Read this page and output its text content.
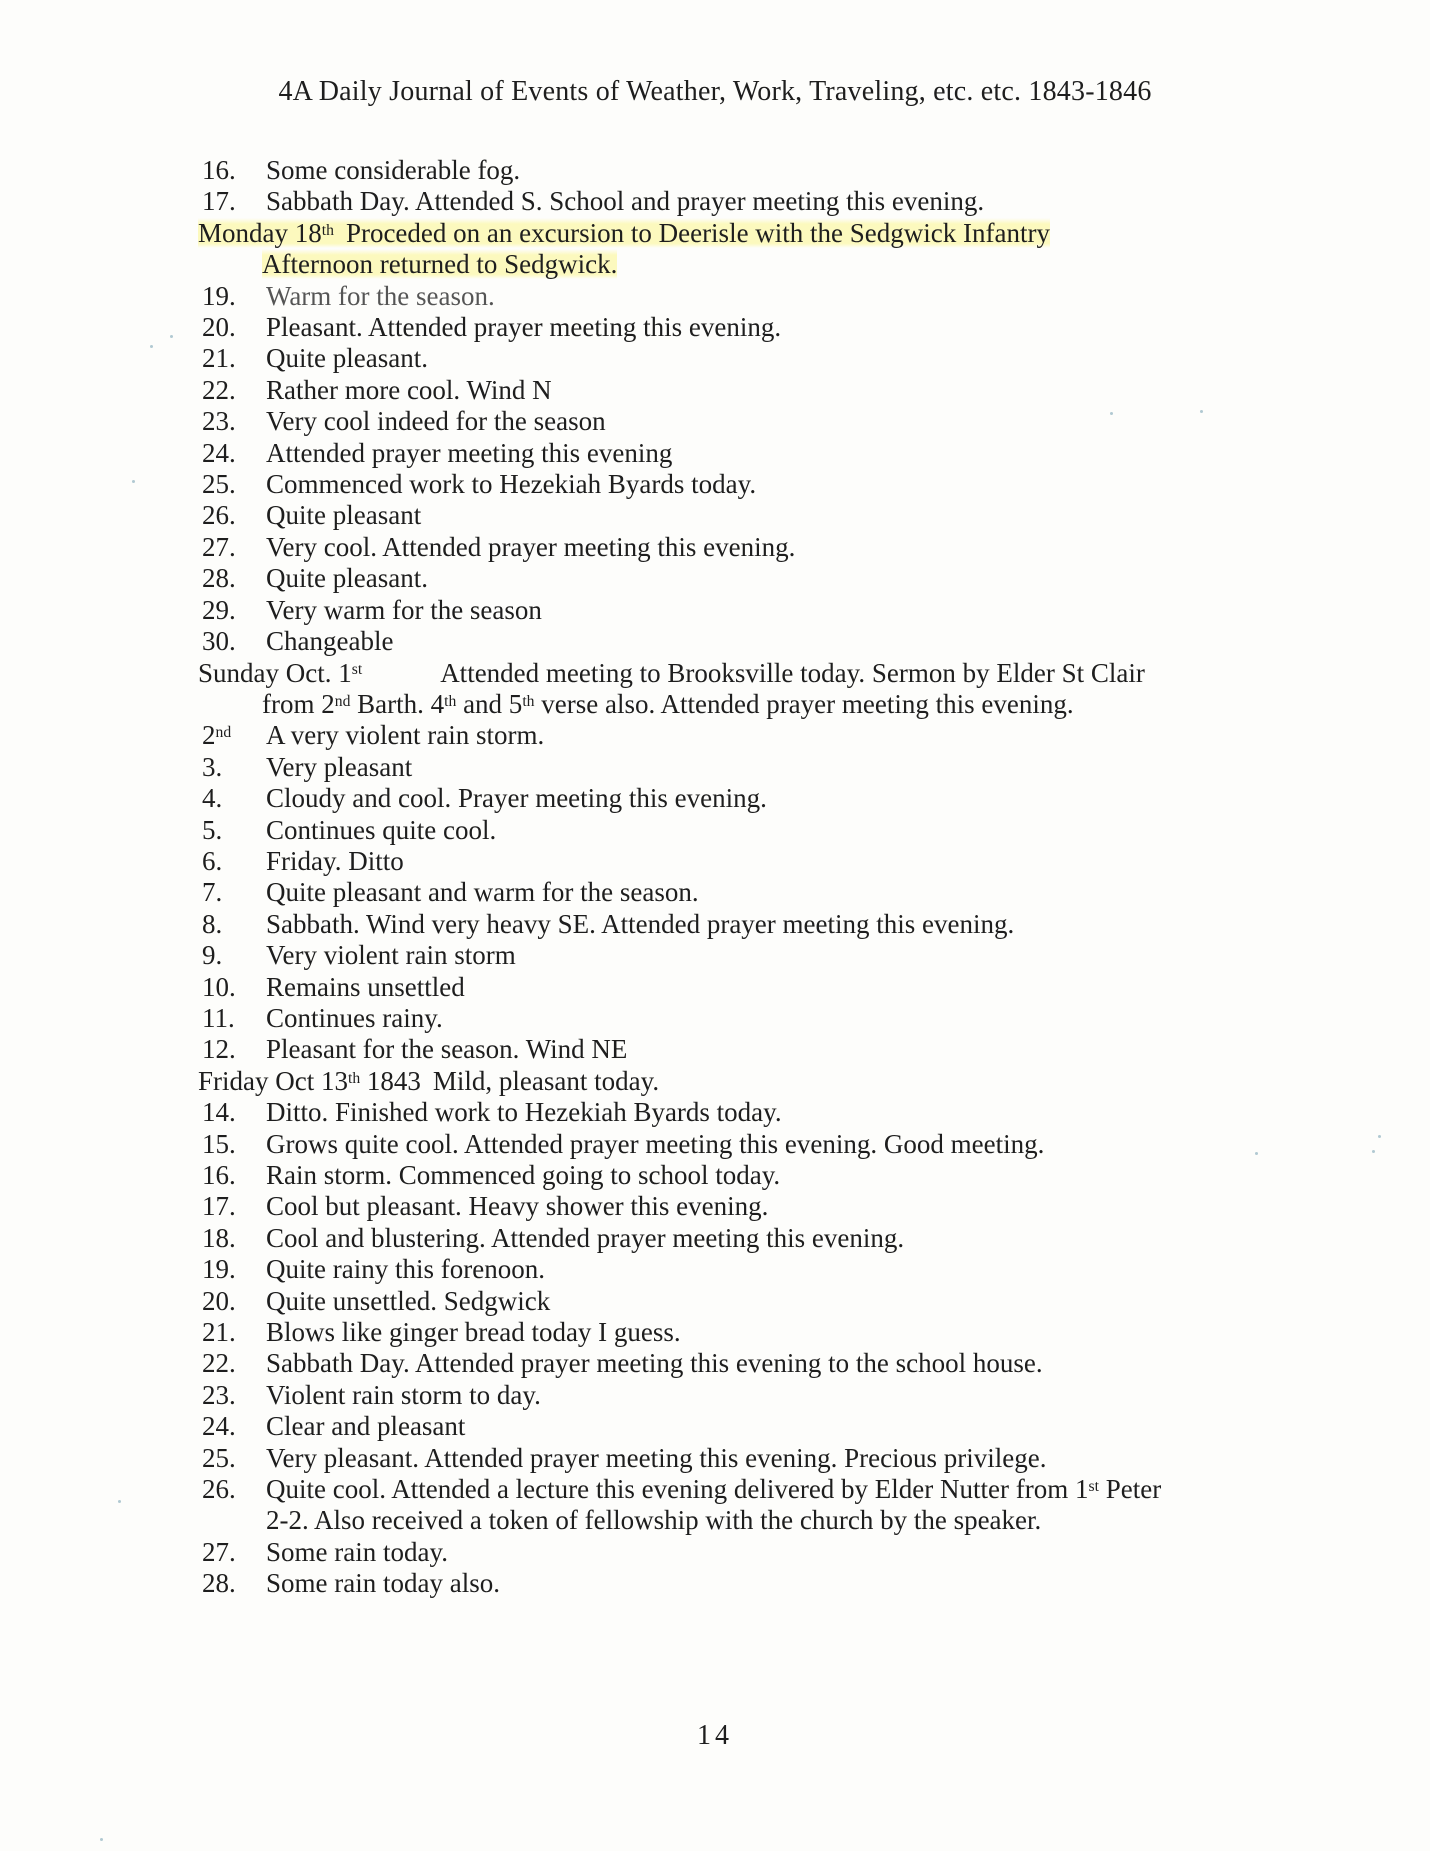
4A Daily Journal of Events of Weather, Work, Traveling, etc. etc. 1843-1846
16. Some considerable fog.
17. Sabbath Day. Attended S. School and prayer meeting this evening.
Monday 18th Proceded on an excursion to Deerisle with the Sedgwick Infantry
Afternoon returned to Sedgwick.
19. Warm for the season.
20. Pleasant. Attended prayer meeting this evening.
21. Quite pleasant.
22. Rather more cool. Wind N
23. Very cool indeed for the season
24. Attended prayer meeting this evening
25. Commenced work to Hezekiah Byards today.
26. Quite pleasant
27. Very cool. Attended prayer meeting this evening.
28. Quite pleasant.
29. Very warm for the season
30. Changeable
Sunday Oct. 1st	Attended meeting to Brooksville today. Sermon by Elder St Clair
from 2nd Barth. 4th and 5th verse also. Attended prayer meeting this evening.
2nd A very violent rain storm.
3. Very pleasant
4. Cloudy and cool. Prayer meeting this evening.
5. Continues quite cool.
6. Friday. Ditto
7. Quite pleasant and warm for the season.
8. Sabbath. Wind very heavy SE. Attended prayer meeting this evening.
9. Very violent rain storm
10. Remains unsettled
11. Continues rainy.
12. Pleasant for the season. Wind NE
Friday Oct 13th 1843 Mild, pleasant today.
14. Ditto. Finished work to Hezekiah Byards today.
15. Grows quite cool. Attended prayer meeting this evening. Good meeting.
16. Rain storm. Commenced going to school today.
17. Cool but pleasant. Heavy shower this evening.
18. Cool and blustering. Attended prayer meeting this evening.
19. Quite rainy this forenoon.
20. Quite unsettled. Sedgwick
21. Blows like ginger bread today I guess.
22. Sabbath Day. Attended prayer meeting this evening to the school house.
23. Violent rain storm to day.
24. Clear and pleasant
25. Very pleasant. Attended prayer meeting this evening. Precious privilege.
26. Quite cool. Attended a lecture this evening delivered by Elder Nutter from 1st Peter
2-2. Also received a token of fellowship with the church by the speaker.
27. Some rain today.
28. Some rain today also.
14
